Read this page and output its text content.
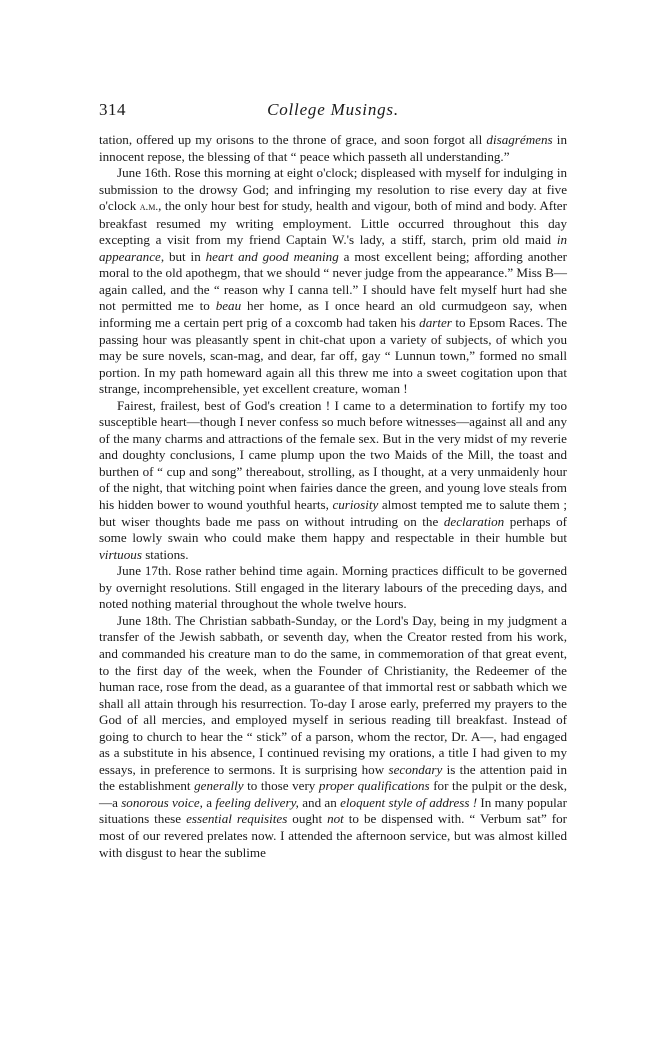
314	College Musings.

tation, offered up my orisons to the throne of grace, and soon forgot all disagrémens in innocent repose, the blessing of that “ peace which passeth all understanding.”

June 16th. Rose this morning at eight o'clock; displeased with myself for indulging in submission to the drowsy God; and infringing my resolution to rise every day at five o'clock a.m., the only hour best for study, health and vigour, both of mind and body. After breakfast resumed my writing employment. Little occurred throughout this day excepting a visit from my friend Captain W.'s lady, a stiff, starch, prim old maid in appearance, but in heart and good meaning a most excellent being; affording another moral to the old apothegm, that we should “ never judge from the appearance.” Miss B— again called, and the “ reason why I canna tell.” I should have felt myself hurt had she not permitted me to beau her home, as I once heard an old curmudgeon say, when informing me a certain pert prig of a coxcomb had taken his darter to Epsom Races. The passing hour was pleasantly spent in chit-chat upon a variety of subjects, of which you may be sure novels, scan-mag, and dear, far off, gay “ Lunnun town,” formed no small portion. In my path homeward again all this threw me into a sweet cogitation upon that strange, incomprehensible, yet excellent creature, woman !

Fairest, frailest, best of God's creation ! I came to a determination to fortify my too susceptible heart—though I never confess so much before witnesses—against all and any of the many charms and attractions of the female sex. But in the very midst of my reverie and doughty conclusions, I came plump upon the two Maids of the Mill, the toast and burthen of “ cup and song” thereabout, strolling, as I thought, at a very unmaidenly hour of the night, that witching point when fairies dance the green, and young love steals from his hidden bower to wound youthful hearts, curiosity almost tempted me to salute them ; but wiser thoughts bade me pass on without intruding on the declaration perhaps of some lowly swain who could make them happy and respectable in their humble but virtuous stations.

June 17th. Rose rather behind time again. Morning practices difficult to be governed by overnight resolutions. Still engaged in the literary labours of the preceding days, and noted nothing material throughout the whole twelve hours.

June 18th. The Christian sabbath-Sunday, or the Lord's Day, being in my judgment a transfer of the Jewish sabbath, or seventh day, when the Creator rested from his work, and commanded his creature man to do the same, in commemoration of that great event, to the first day of the week, when the Founder of Christianity, the Redeemer of the human race, rose from the dead, as a guarantee of that immortal rest or sabbath which we shall all attain through his resurrection. To-day I arose early, preferred my prayers to the God of all mercies, and employed myself in serious reading till breakfast. Instead of going to church to hear the “ stick” of a parson, whom the rector, Dr. A—, had engaged as a substitute in his absence, I continued revising my orations, a title I had given to my essays, in preference to sermons. It is surprising how secondary is the attention paid in the establishment generally to those very proper qualifications for the pulpit or the desk,—a sonorous voice, a feeling delivery, and an eloquent style of address ! In many popular situations these essential requisites ought not to be dispensed with. “ Verbum sat” for most of our revered prelates now. I attended the afternoon service, but was almost killed with disgust to hear the sublime
